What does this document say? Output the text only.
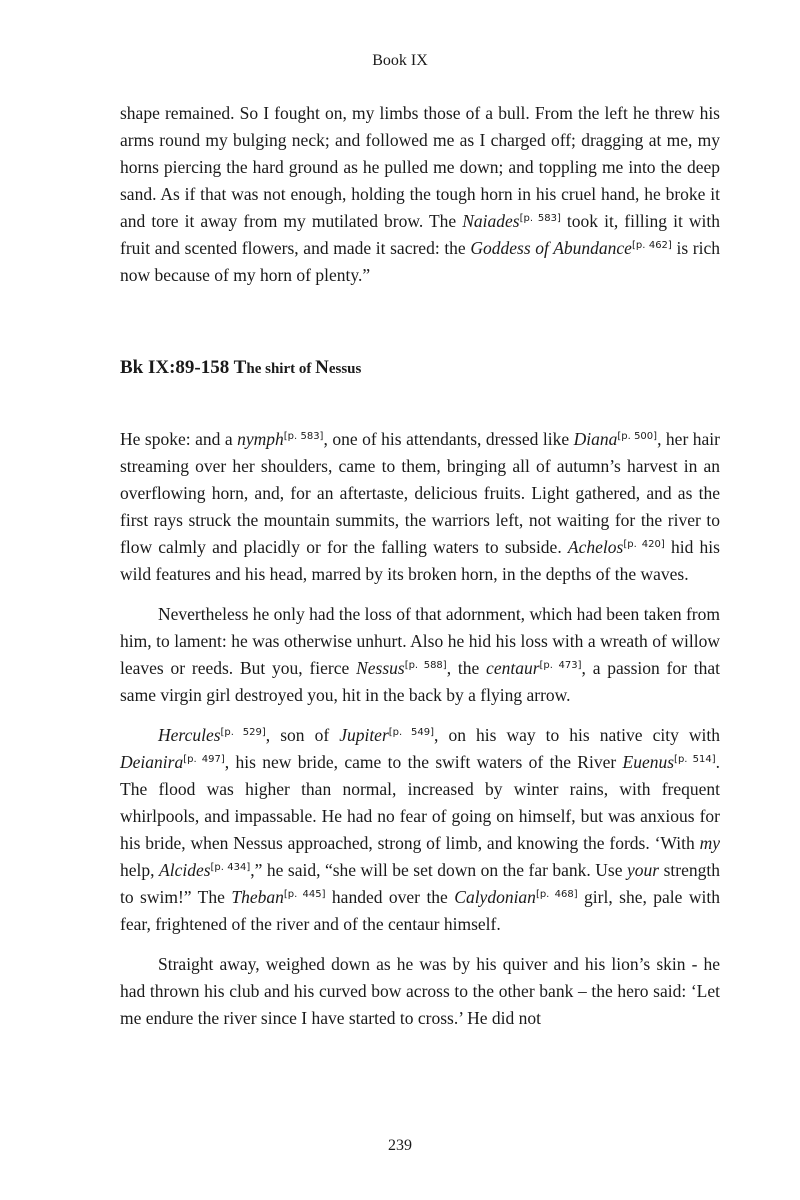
Book IX

shape remained. So I fought on, my limbs those of a bull. From the left he threw his arms round my bulging neck; and followed me as I charged off; dragging at me, my horns piercing the hard ground as he pulled me down; and toppling me into the deep sand. As if that was not enough, holding the tough horn in his cruel hand, he broke it and tore it away from my mutilated brow. The Naiades[p. 583] took it, filling it with fruit and scented flowers, and made it sacred: the Goddess of Abundance[p. 462] is rich now because of my horn of plenty.”

Bk IX:89-158 The shirt of Nessus

He spoke: and a nymph[p. 583], one of his attendants, dressed like Diana[p. 500], her hair streaming over her shoulders, came to them, bringing all of autumn’s harvest in an overflowing horn, and, for an aftertaste, delicious fruits. Light gathered, and as the first rays struck the mountain summits, the warriors left, not waiting for the river to flow calmly and placidly or for the falling waters to subside. Achelos[p. 420] hid his wild features and his head, marred by its broken horn, in the depths of the waves.

Nevertheless he only had the loss of that adornment, which had been taken from him, to lament: he was otherwise unhurt. Also he hid his loss with a wreath of willow leaves or reeds. But you, fierce Nessus[p. 588], the centaur[p. 473], a passion for that same virgin girl destroyed you, hit in the back by a flying arrow.

Hercules[p. 529], son of Jupiter[p. 549], on his way to his native city with Deianira[p. 497], his new bride, came to the swift waters of the River Euenus[p. 514]. The flood was higher than normal, increased by winter rains, with frequent whirlpools, and impassable. He had no fear of going on himself, but was anxious for his bride, when Nessus approached, strong of limb, and knowing the fords. ‘With my help, Alcides[p. 434],” he said, “she will be set down on the far bank. Use your strength to swim!” The Theban[p. 445] handed over the Calydonian[p. 468] girl, she, pale with fear, frightened of the river and of the centaur himself.

Straight away, weighed down as he was by his quiver and his lion’s skin - he had thrown his club and his curved bow across to the other bank – the hero said: ‘Let me endure the river since I have started to cross.’ He did not

239
